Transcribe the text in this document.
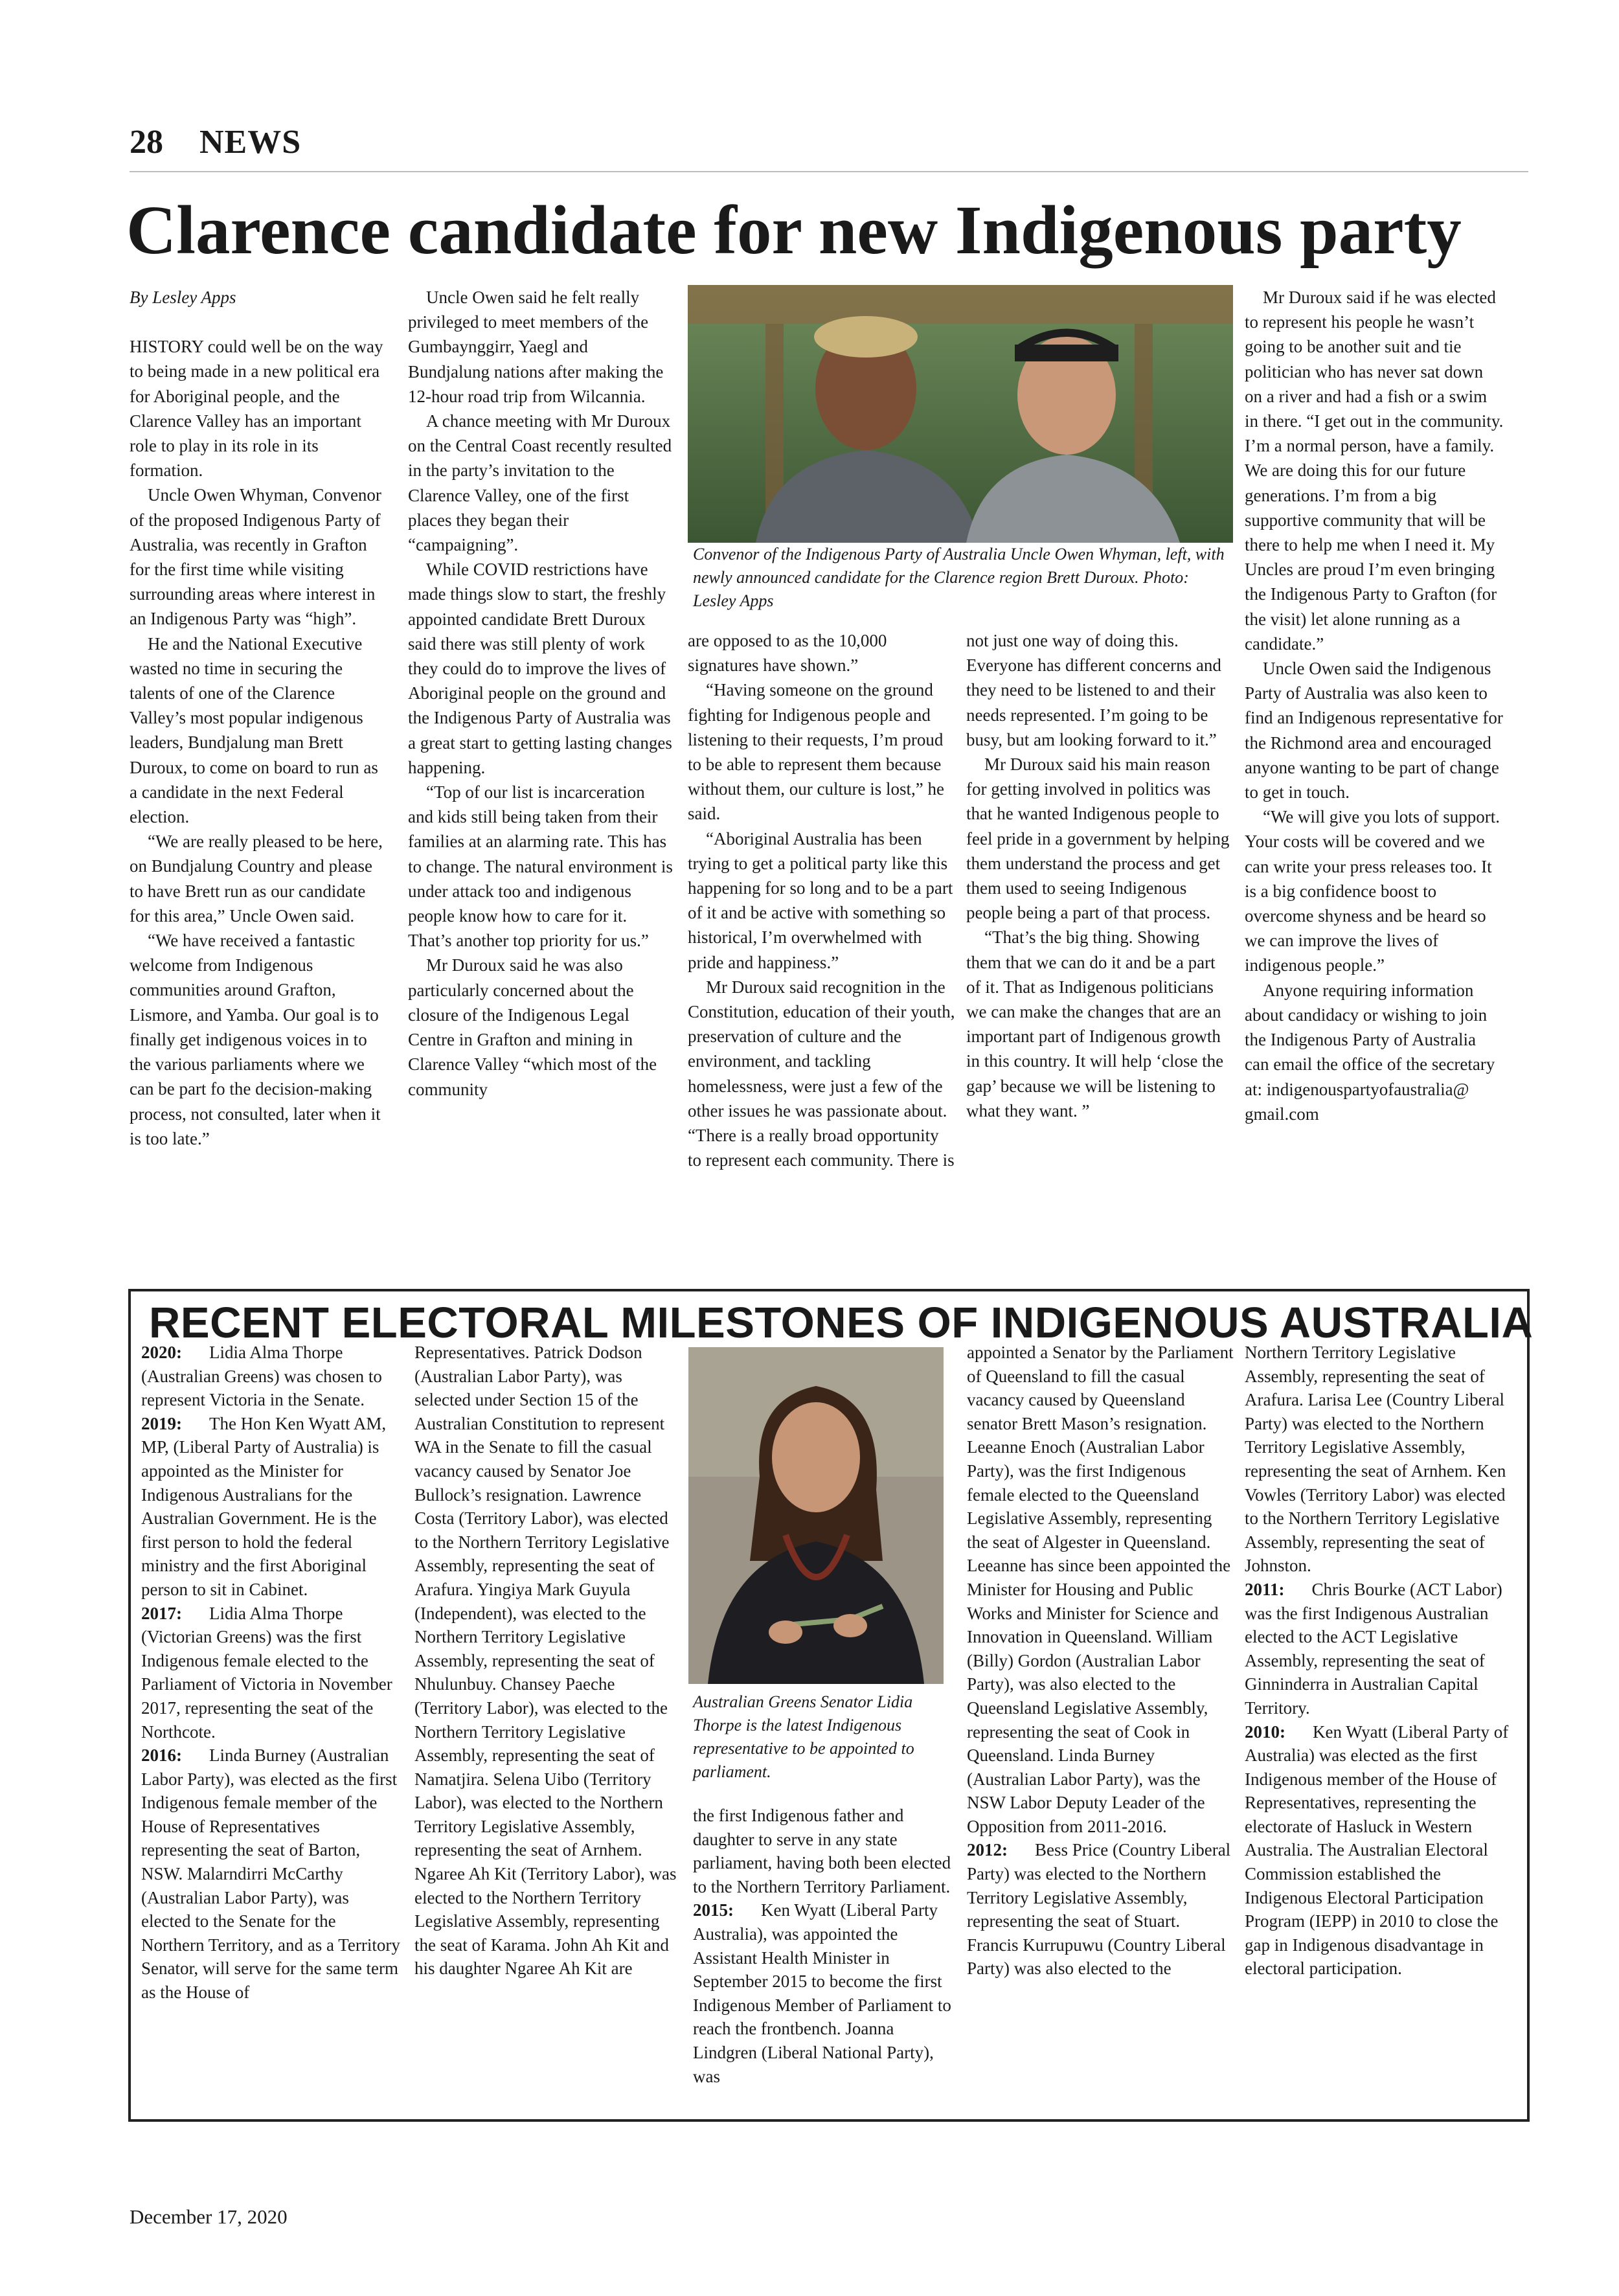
28 NEWS
Clarence candidate for new Indigenous party

By Lesley Apps

HISTORY could well be on the way to being made in a new political era for Aboriginal people, and the Clarence Valley has an important role to play in its role in its formation.

Uncle Owen Whyman, Convenor of the proposed Indigenous Party of Australia, was recently in Grafton for the first time while visiting surrounding areas where interest in an Indigenous Party was “high”.

He and the National Executive wasted no time in securing the talents of one of the Clarence Valley’s most popular indigenous leaders, Bundjalung man Brett Duroux, to come on board to run as a candidate in the next Federal election.

“We are really pleased to be here, on Bundjalung Country and please to have Brett run as our candidate for this area,” Uncle Owen said.

“We have received a fantastic welcome from Indigenous communities around Grafton, Lismore, and Yamba. Our goal is to finally get indigenous voices in to the various parliaments where we can be part fo the decision-making process, not consulted, later when it is too late.”

Uncle Owen said he felt really privileged to meet members of the Gumbaynggirr, Yaegl and Bundjalung nations after making the 12-hour road trip from Wilcannia.

A chance meeting with Mr Duroux on the Central Coast recently resulted in the party’s invitation to the Clarence Valley, one of the first places they began their “campaigning”.

While COVID restrictions have made things slow to start, the freshly appointed candidate Brett Duroux said there was still plenty of work they could do to improve the lives of Aboriginal people on the ground and the Indigenous Party of Australia was a great start to getting lasting changes happening.

“Top of our list is incarceration and kids still being taken from their families at an alarming rate. This has to change. The natural environment is under attack too and indigenous people know how to care for it. That’s another top priority for us.”

Mr Duroux said he was also particularly concerned about the closure of the Indigenous Legal Centre in Grafton and mining in Clarence Valley “which most of the community

Convenor of the Indigenous Party of Australia Uncle Owen Whyman, left, with newly announced candidate for the Clarence region Brett Duroux. Photo: Lesley Apps

are opposed to as the 10,000 signatures have shown.”

“Having someone on the ground fighting for Indigenous people and listening to their requests, I’m proud to be able to represent them because without them, our culture is lost,” he said.

“Aboriginal Australia has been trying to get a political party like this happening for so long and to be a part of it and be active with something so historical, I’m overwhelmed with pride and happiness.”

Mr Duroux said recognition in the Constitution, education of their youth, preservation of culture and the environment, and tackling homelessness, were just a few of the other issues he was passionate about. “There is a really broad opportunity to represent each community. There is

not just one way of doing this. Everyone has different concerns and they need to be listened to and their needs represented. I’m going to be busy, but am looking forward to it.”

Mr Duroux said his main reason for getting involved in politics was that he wanted Indigenous people to feel pride in a government by helping them understand the process and get them used to seeing Indigenous people being a part of that process.

“That’s the big thing. Showing them that we can do it and be a part of it. That as Indigenous politicians we can make the changes that are an important part of Indigenous growth in this country. It will help ‘close the gap’ because we will be listening to what they want. ”

Mr Duroux said if he was elected to represent his people he wasn’t going to be another suit and tie politician who has never sat down on a river and had a fish or a swim in there. “I get out in the community. I’m a normal person, have a family. We are doing this for our future generations. I’m from a big supportive community that will be there to help me when I need it. My Uncles are proud I’m even bringing the Indigenous Party to Grafton (for the visit) let alone running as a candidate.”

Uncle Owen said the Indigenous Party of Australia was also keen to find an Indigenous representative for the Richmond area and encouraged anyone wanting to be part of change to get in touch.

“We will give you lots of support. Your costs will be covered and we can write your press releases too. It is a big confidence boost to overcome shyness and be heard so we can improve the lives of indigenous people.”

Anyone requiring information about candidacy or wishing to join the Indigenous Party of Australia can email the office of the secretary at: indigenouspartyofaustralia@ gmail.com

RECENT ELECTORAL MILESTONES OF INDIGENOUS AUSTRALIA

2020: Lidia Alma Thorpe (Australian Greens) was chosen to represent Victoria in the Senate.

2019: The Hon Ken Wyatt AM, MP, (Liberal Party of Australia) is appointed as the Minister for Indigenous Australians for the Australian Government. He is the first person to hold the federal ministry and the first Aboriginal person to sit in Cabinet.

2017: Lidia Alma Thorpe (Victorian Greens) was the first Indigenous female elected to the Parliament of Victoria in November 2017, representing the seat of the Northcote.

2016: Linda Burney (Australian Labor Party), was elected as the first Indigenous female member of the House of Representatives representing the seat of Barton, NSW. Malarndirri McCarthy (Australian Labor Party), was elected to the Senate for the Northern Territory, and as a Territory Senator, will serve for the same term as the House of

Representatives. Patrick Dodson (Australian Labor Party), was selected under Section 15 of the Australian Constitution to represent WA in the Senate to fill the casual vacancy caused by Senator Joe Bullock’s resignation. Lawrence Costa (Territory Labor), was elected to the Northern Territory Legislative Assembly, representing the seat of Arafura. Yingiya Mark Guyula (Independent), was elected to the Northern Territory Legislative Assembly, representing the seat of Nhulunbuy. Chansey Paeche (Territory Labor), was elected to the Northern Territory Legislative Assembly, representing the seat of Namatjira. Selena Uibo (Territory Labor), was elected to the Northern Territory Legislative Assembly, representing the seat of Arnhem. Ngaree Ah Kit (Territory Labor), was elected to the Northern Territory Legislative Assembly, representing the seat of Karama. John Ah Kit and his daughter Ngaree Ah Kit are

Australian Greens Senator Lidia Thorpe is the latest Indigenous representative to be appointed to parliament.

the first Indigenous father and daughter to serve in any state parliament, having both been elected to the Northern Territory Parliament.

2015: Ken Wyatt (Liberal Party Australia), was appointed the Assistant Health Minister in September 2015 to become the first Indigenous Member of Parliament to reach the frontbench. Joanna Lindgren (Liberal National Party), was

appointed a Senator by the Parliament of Queensland to fill the casual vacancy caused by Queensland senator Brett Mason’s resignation. Leeanne Enoch (Australian Labor Party), was the first Indigenous female elected to the Queensland Legislative Assembly, representing the seat of Algester in Queensland. Leeanne has since been appointed the Minister for Housing and Public Works and Minister for Science and Innovation in Queensland. William (Billy) Gordon (Australian Labor Party), was also elected to the Queensland Legislative Assembly, representing the seat of Cook in Queensland. Linda Burney (Australian Labor Party), was the NSW Labor Deputy Leader of the Opposition from 2011-2016.

2012: Bess Price (Country Liberal Party) was elected to the Northern Territory Legislative Assembly, representing the seat of Stuart. Francis Kurrupuwu (Country Liberal Party) was also elected to the

Northern Territory Legislative Assembly, representing the seat of Arafura. Larisa Lee (Country Liberal Party) was elected to the Northern Territory Legislative Assembly, representing the seat of Arnhem. Ken Vowles (Territory Labor) was elected to the Northern Territory Legislative Assembly, representing the seat of Johnston.

2011: Chris Bourke (ACT Labor) was the first Indigenous Australian elected to the ACT Legislative Assembly, representing the seat of Ginninderra in Australian Capital Territory.

2010: Ken Wyatt (Liberal Party of Australia) was elected as the first Indigenous member of the House of Representatives, representing the electorate of Hasluck in Western Australia. The Australian Electoral Commission established the Indigenous Electoral Participation Program (IEPP) in 2010 to close the gap in Indigenous disadvantage in electoral participation.

December 17, 2020
